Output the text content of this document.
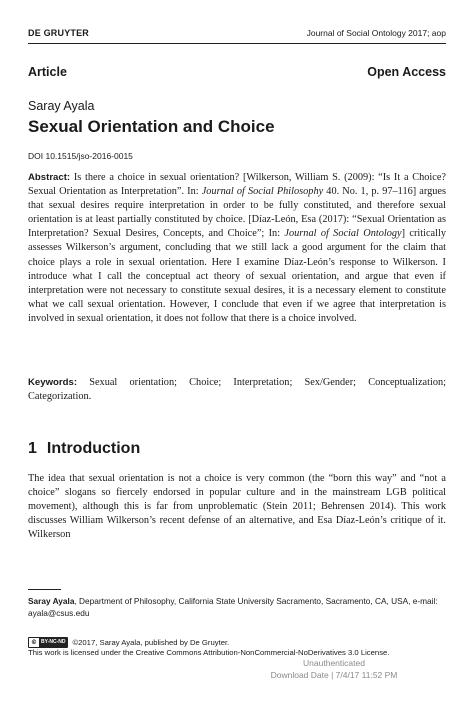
DE GRUYTER	Journal of Social Ontology 2017; aop
Article	Open Access
Saray Ayala
Sexual Orientation and Choice
DOI 10.1515/jso-2016-0015

Abstract: Is there a choice in sexual orientation? [Wilkerson, William S. (2009): “Is It a Choice? Sexual Orientation as Interpretation”. In: Journal of Social Philosophy 40. No. 1, p. 97–116] argues that sexual desires require interpretation in order to be fully constituted, and therefore sexual orientation is at least partially constituted by choice. [Díaz-León, Esa (2017): “Sexual Orientation as Interpretation? Sexual Desires, Concepts, and Choice”; In: Journal of Social Ontology] critically assesses Wilkerson’s argument, concluding that we still lack a good argument for the claim that choice plays a role in sexual orientation. Here I examine Díaz-León’s response to Wilkerson. I introduce what I call the conceptual act theory of sexual orientation, and argue that even if interpretation were not necessary to constitute sexual desires, it is a necessary element to constitute what we call sexual orientation. However, I conclude that even if we agree that interpretation is involved in sexual orientation, it does not follow that there is a choice involved.

Keywords: Sexual orientation; Choice; Interpretation; Sex/Gender; Conceptualization; Categorization.

1 Introduction

The idea that sexual orientation is not a choice is very common (the “born this way” and “not a choice” slogans so fiercely endorsed in popular culture and in the mainstream LGB political movement), although this is far from unproblematic (Stein 2011; Behrensen 2014). This work discusses William Wilkerson’s recent defense of an alternative, and Esa Díaz-León’s critique of it. Wilkerson

Saray Ayala, Department of Philosophy, California State University Sacramento, Sacramento, CA, USA, e-mail: ayala@csus.edu
© BY-NC-ND ©2017, Saray Ayala, published by De Gruyter.
This work is licensed under the Creative Commons Attribution-NonCommercial-NoDerivatives 3.0 License.
Unauthenticated
Download Date | 7/4/17 11:52 PM
